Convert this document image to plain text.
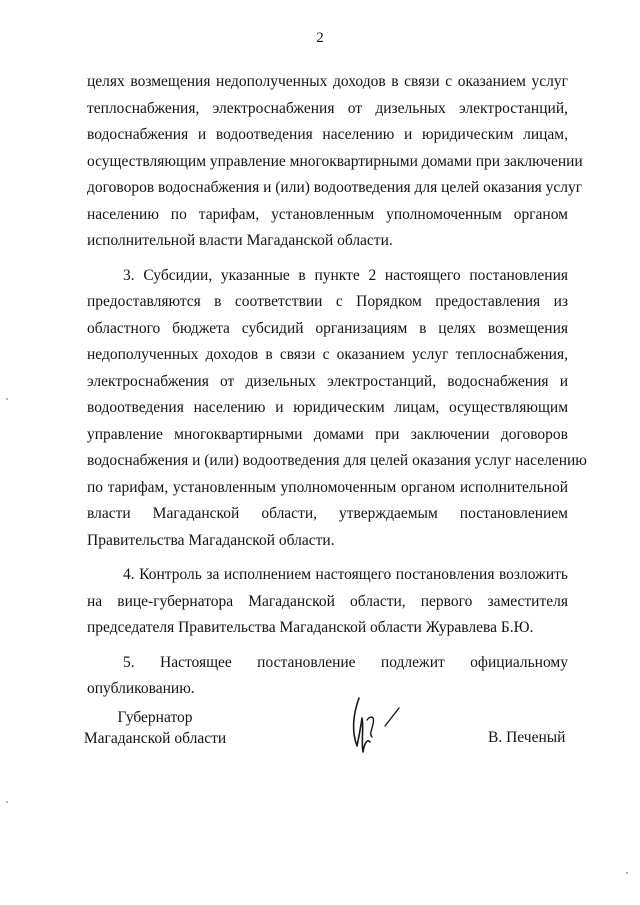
2
целях возмещения недополученных доходов в связи с оказанием услуг
теплоснабжения, электроснабжения от дизельных электростанций,
водоснабжения и водоотведения населению и юридическим лицам,
осуществляющим управление многоквартирными домами при заключении
договоров водоснабжения и (или) водоотведения для целей оказания услуг
населению по тарифам, установленным уполномоченным органом
исполнительной власти Магаданской области.
3. Субсидии, указанные в пункте 2 настоящего постановления
предоставляются в соответствии с Порядком предоставления из
областного бюджета субсидий организациям в целях возмещения
недополученных доходов в связи с оказанием услуг теплоснабжения,
электроснабжения от дизельных электростанций, водоснабжения и
водоотведения населению и юридическим лицам, осуществляющим
управление многоквартирными домами при заключении договоров
водоснабжения и (или) водоотведения для целей оказания услуг населению
по тарифам, установленным уполномоченным органом исполнительной
власти Магаданской области, утверждаемым постановлением
Правительства Магаданской области.
4. Контроль за исполнением настоящего постановления возложить
на вице-губернатора Магаданской области, первого заместителя
председателя Правительства Магаданской области Журавлева Б.Ю.
5. Настоящее постановление подлежит официальному
опубликованию.
Губернатор
Магаданской области	В. Печеный
